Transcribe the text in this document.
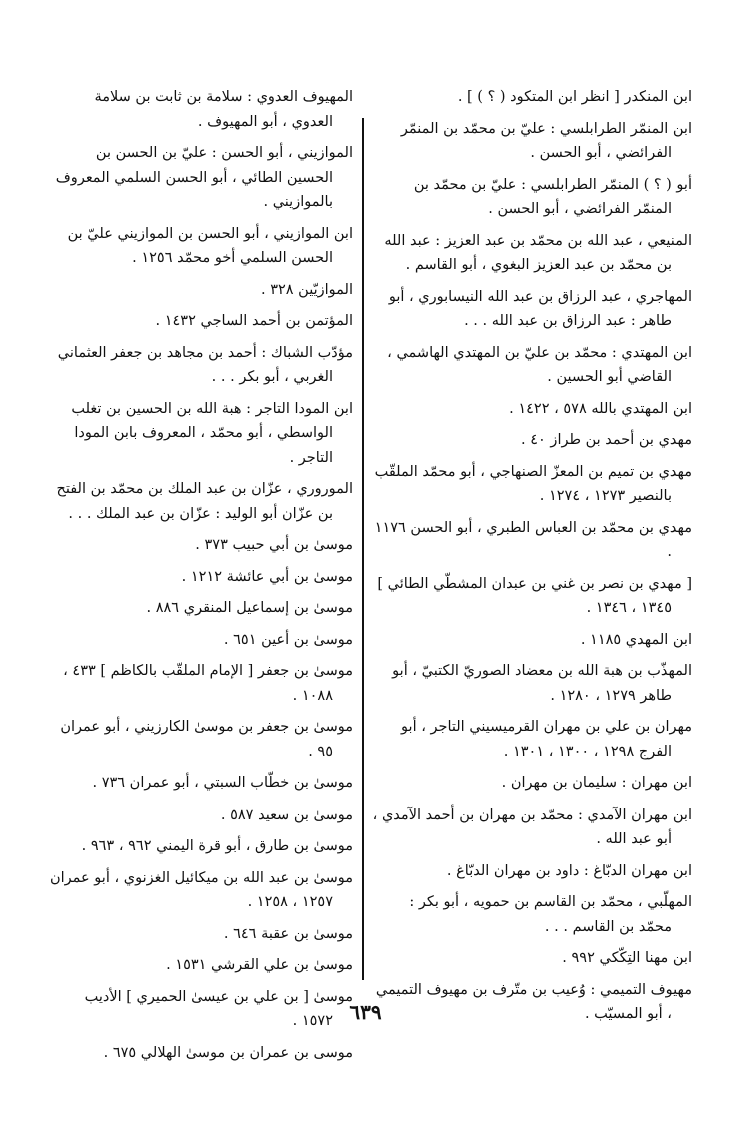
ابن المنكدر [ انظر ابن المتكود ( ؟ ) ] .

ابن المنمّر الطرابلسي : عليّ بن محمّد بن المنمّر الفرائضي ، أبو الحسن .

أبو ( ؟ ) المنمّر الطرابلسي : عليّ بن محمّد بن المنمّر الفرائضي ، أبو الحسن .

المنيعي ، عبد الله بن محمّد بن عبد العزيز : عبد الله بن محمّد بن عبد العزيز البغوي ، أبو القاسم .

المهاجري ، عبد الرزاق بن عبد الله النيسابوري ، أبو طاهر : عبد الرزاق بن عبد الله . . .

ابن المهتدي : محمّد بن عليّ بن المهتدي الهاشمي ، القاضي أبو الحسين .

ابن المهتدي بالله ٥٧٨ ، ١٤٢٢ .

مهدي بن أحمد بن طراز ٤٠ .

مهدي بن تميم بن المعزّ الصنهاجي ، أبو محمّد الملقّب بالنصير ١٢٧٣ ، ١٢٧٤ .

مهدي بن محمّد بن العباس الطبري ، أبو الحسن ١١٧٦ .

[ مهدي بن نصر بن غني بن عبدان المشطّي الطائي ] ١٣٤٥ ، ١٣٤٦ .

ابن المهدي ١١٨٥ .

المهذّب بن هبة الله بن معضاد الصوريّ الكتبيّ ، أبو طاهر ١٢٧٩ ، ١٢٨٠ .

مهران بن علي بن مهران القرميسيني التاجر ، أبو الفرج ١٢٩٨ ، ١٣٠٠ ، ١٣٠١ .

ابن مهران : سليمان بن مهران .

ابن مهران الآمدي : محمّد بن مهران بن أحمد الآمدي ، أبو عبد الله .

ابن مهران الدبّاغ : داود بن مهران الدبّاغ .

المهلّبي ، محمّد بن القاسم بن حمويه ، أبو بكر : محمّد بن القاسم . . .

ابن مهنا التِكّكي ٩٩٢ .

مهيوف التميمي : وُعيب بن متّرف بن مهيوف التميمي ، أبو المسيّب .

المهيوف العدوي : سلامة بن ثابت بن سلامة العدوي ، أبو المهيوف .

الموازيني ، أبو الحسن : عليّ بن الحسن بن الحسين الطائي ، أبو الحسن السلمي المعروف بالموازيني .

ابن الموازيني ، أبو الحسن بن الموازيني عليّ بن الحسن السلمي أخو محمّد ١٢٥٦ .

الموازيّين ٣٢٨ .

المؤتمن بن أحمد الساجي ١٤٣٢ .

مؤدّب الشباك : أحمد بن مجاهد بن جعفر العثماني الغربي ، أبو بكر . . .

ابن المودا التاجر : هبة الله بن الحسين بن تغلب الواسطي ، أبو محمّد ، المعروف بابن المودا التاجر .

الموروري ، عزّان بن عبد الملك بن محمّد بن الفتح بن عزّان أبو الوليد : عزّان بن عبد الملك . . .

موسىٰ بن أبي حبيب ٣٧٣ .

موسىٰ بن أبي عائشة ١٢١٢ .

موسىٰ بن إسماعيل المنقري ٨٨٦ .

موسىٰ بن أعين ٦٥١ .

موسىٰ بن جعفر [ الإمام الملقّب بالكاظم ] ٤٣٣ ، ١٠٨٨ .

موسىٰ بن جعفر بن موسىٰ الكارزيني ، أبو عمران ٩٥ .

موسىٰ بن خطّاب السبتي ، أبو عمران ٧٣٦ .

موسىٰ بن سعيد ٥٨٧ .

موسىٰ بن طارق ، أبو قرة اليمني ٩٦٢ ، ٩٦٣ .

موسىٰ بن عبد الله بن ميكائيل الغزنوي ، أبو عمران ١٢٥٧ ، ١٢٥٨ .

موسىٰ بن عقبة ٦٤٦ .

موسىٰ بن علي القرشي ١٥٣١ .

موسىٰ [ بن علي بن عيسىٰ الحميري ] الأديب ١٥٧٢ .

موسى بن عمران بن موسىٰ الهلالي ٦٧٥ .

٦٣٩
